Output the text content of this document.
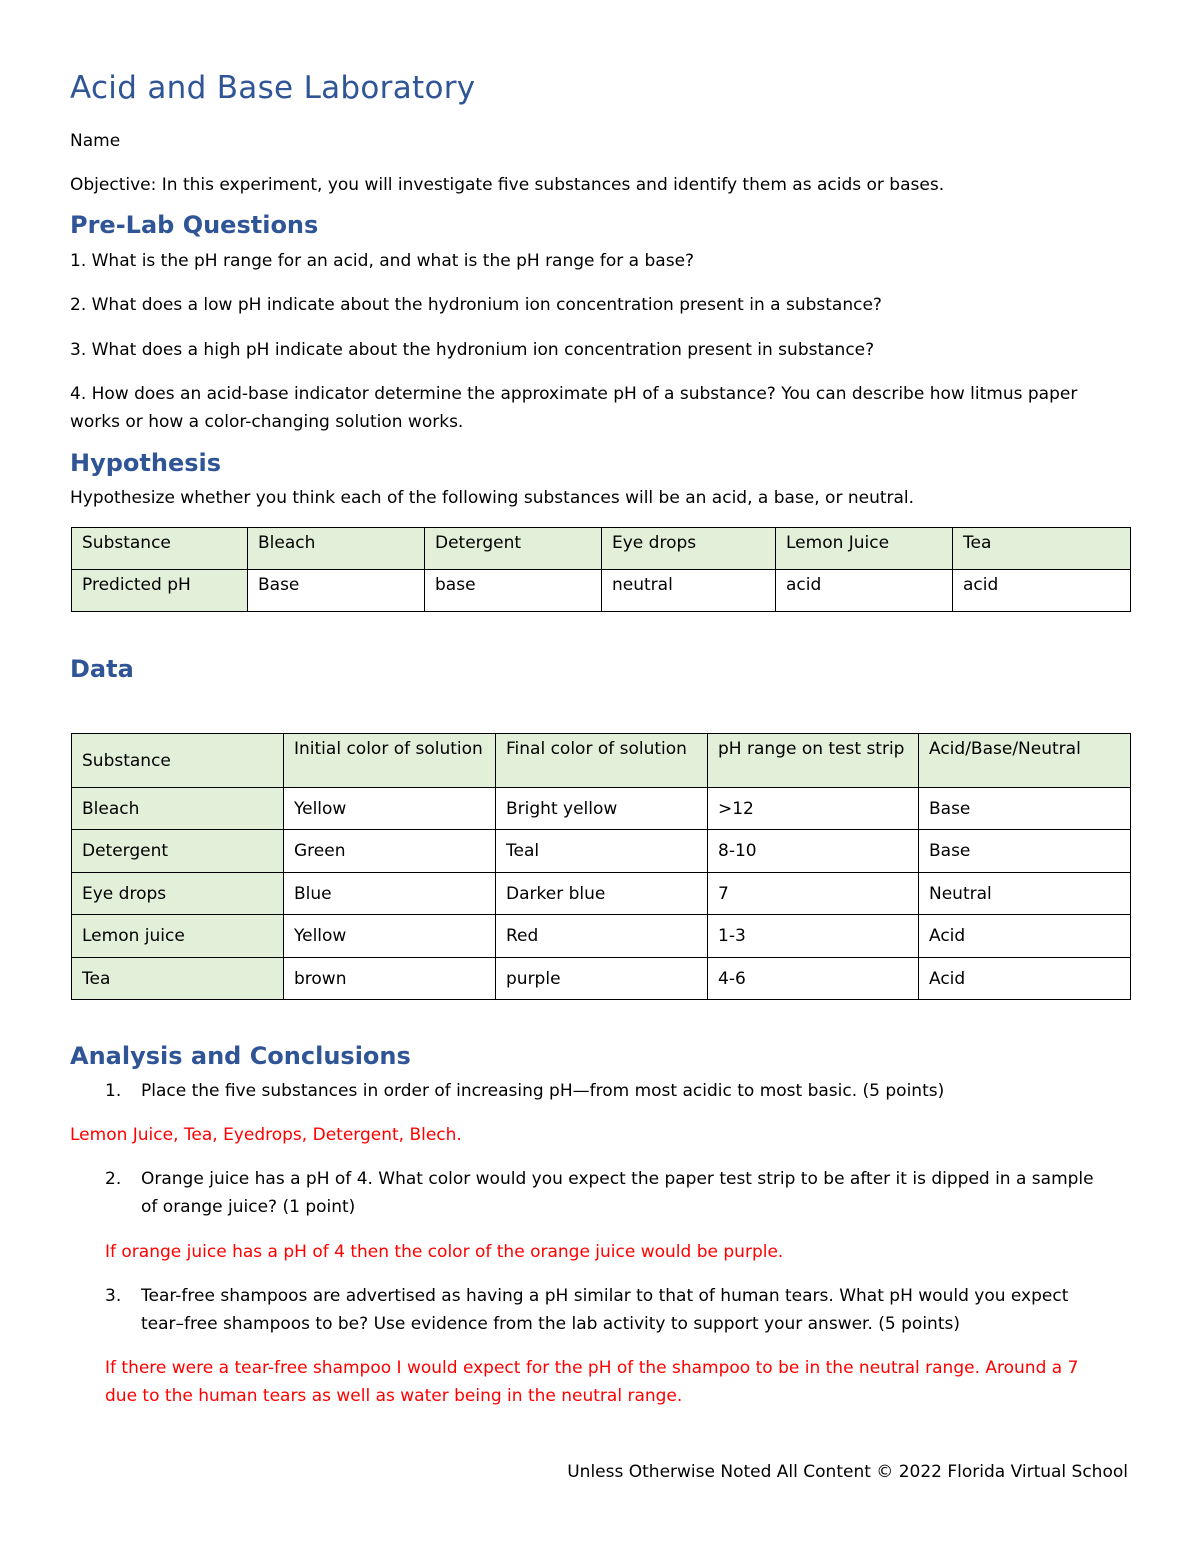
Acid and Base Laboratory
Name
Objective: In this experiment, you will investigate five substances and identify them as acids or bases.
Pre-Lab Questions
1. What is the pH range for an acid, and what is the pH range for a base?
2. What does a low pH indicate about the hydronium ion concentration present in a substance?
3. What does a high pH indicate about the hydronium ion concentration present in substance?
4. How does an acid-base indicator determine the approximate pH of a substance? You can describe how litmus paper
works or how a color-changing solution works.
Hypothesis
Hypothesize whether you think each of the following substances will be an acid, a base, or neutral.
Substance	Bleach	Detergent	Eye drops	Lemon Juice	Tea
Predicted pH	Base	base	neutral	acid	acid
Data
Substance	Initial color of solution	Final color of solution	pH range on test strip	Acid/Base/Neutral
Bleach	Yellow	Bright yellow	>12	Base
Detergent	Green	Teal	8-10	Base
Eye drops	Blue	Darker blue	7	Neutral
Lemon juice	Yellow	Red	1-3	Acid
Tea	brown	purple	4-6	Acid
Analysis and Conclusions
1. Place the five substances in order of increasing pH—from most acidic to most basic. (5 points)
Lemon Juice, Tea, Eyedrops, Detergent, Blech.
2. Orange juice has a pH of 4. What color would you expect the paper test strip to be after it is dipped in a sample
of orange juice? (1 point)
If orange juice has a pH of 4 then the color of the orange juice would be purple.
3. Tear-free shampoos are advertised as having a pH similar to that of human tears. What pH would you expect
tear–free shampoos to be? Use evidence from the lab activity to support your answer. (5 points)
If there were a tear-free shampoo I would expect for the pH of the shampoo to be in the neutral range. Around a 7
due to the human tears as well as water being in the neutral range.
Unless Otherwise Noted All Content © 2022 Florida Virtual School
